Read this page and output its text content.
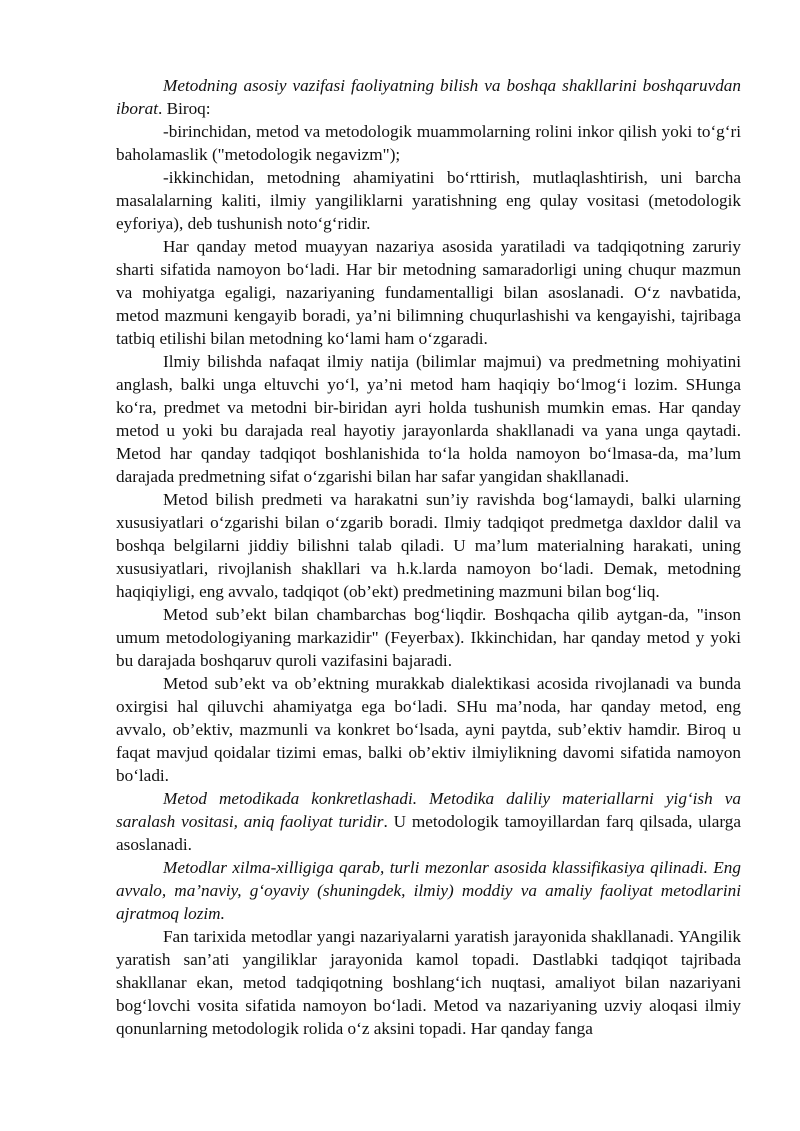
Metodning asosiy vazifasi faoliyatning bilish va boshqa shakllarini boshqaruvdan iborat. Biroq:

-birinchidan, metod va metodologik muammolarning rolini inkor qilish yoki to‘g‘ri baholamaslik ("metodologik negavizm");

-ikkinchidan, metodning ahamiyatini bo‘rttirish, mutlaqlashtirish, uni barcha masalalarning kaliti, ilmiy yangiliklarni yaratishning eng qulay vositasi (metodologik eyforiya), deb tushunish noto‘g‘ridir.

Har qanday metod muayyan nazariya asosida yaratiladi va tadqiqotning zaruriy sharti sifatida namoyon bo‘ladi. Har bir metodning samaradorligi uning chuqur mazmun va mohiyatga egaligi, nazariyaning fundamentalligi bilan asoslanadi. O‘z navbatida, metod mazmuni kengayib boradi, ya’ni bilimning chuqurlashishi va kengayishi, tajribaga tatbiq etilishi bilan metodning ko‘lami ham o‘zgaradi.

Ilmiy bilishda nafaqat ilmiy natija (bilimlar majmui) va predmetning mohiyatini anglash, balki unga eltuvchi yo‘l, ya’ni metod ham haqiqiy bo‘lmog‘i lozim. SHunga ko‘ra, predmet va metodni bir-biridan ayri holda tushunish mumkin emas. Har qanday metod u yoki bu darajada real hayotiy jarayonlarda shakllanadi va yana unga qaytadi. Metod har qanday tadqiqot boshlanishida to‘la holda namoyon bo‘lmasa-da, ma’lum darajada predmetning sifat o‘zgarishi bilan har safar yangidan shakllanadi.

Metod bilish predmeti va harakatni sun’iy ravishda bog‘lamaydi, balki ularning xususiyatlari o‘zgarishi bilan o‘zgarib boradi. Ilmiy tadqiqot predmetga daxldor dalil va boshqa belgilarni jiddiy bilishni talab qiladi. U ma’lum materialning harakati, uning xususiyatlari, rivojlanish shakllari va h.k.larda namoyon bo‘ladi. Demak, metodning haqiqiyligi, eng avvalo, tadqiqot (ob’ekt) predmetining mazmuni bilan bog‘liq.

Metod sub’ekt bilan chambarchas bog‘liqdir. Boshqacha qilib aytgan-da, "inson umum metodologiyaning markazidir" (Feyerbax). Ikkinchidan, har qanday metod y yoki bu darajada boshqaruv quroli vazifasini bajaradi.

Metod sub’ekt va ob’ektning murakkab dialektikasi acosida rivojlanadi va bunda oxirgisi hal qiluvchi ahamiyatga ega bo‘ladi. SHu ma’noda, har qanday metod, eng avvalo, ob’ektiv, mazmunli va konkret bo‘lsada, ayni paytda, sub’ektiv hamdir. Biroq u faqat mavjud qoidalar tizimi emas, balki ob’ektiv ilmiylikning davomi sifatida namoyon bo‘ladi.

Metod metodikada konkretlashadi. Metodika daliliy materiallarni yig‘ish va saralash vositasi, aniq faoliyat turidir. U metodologik tamoyillardan farq qilsada, ularga asoslanadi.

Metodlar xilma-xilligiga qarab, turli mezonlar asosida klassifikasiya qilinadi. Eng avvalo, ma’naviy, g‘oyaviy (shuningdek, ilmiy) moddiy va amaliy faoliyat metodlarini ajratmoq lozim.

Fan tarixida metodlar yangi nazariyalarni yaratish jarayonida shakllanadi. YAngilik yaratish san’ati yangiliklar jarayonida kamol topadi. Dastlabki tadqiqot tajribada shakllanar ekan, metod tadqiqotning boshlang‘ich nuqtasi, amaliyot bilan nazariyani bog‘lovchi vosita sifatida namoyon bo‘ladi. Metod va nazariyaning uzviy aloqasi ilmiy qonunlarning metodologik rolida o‘z aksini topadi. Har qanday fanga
